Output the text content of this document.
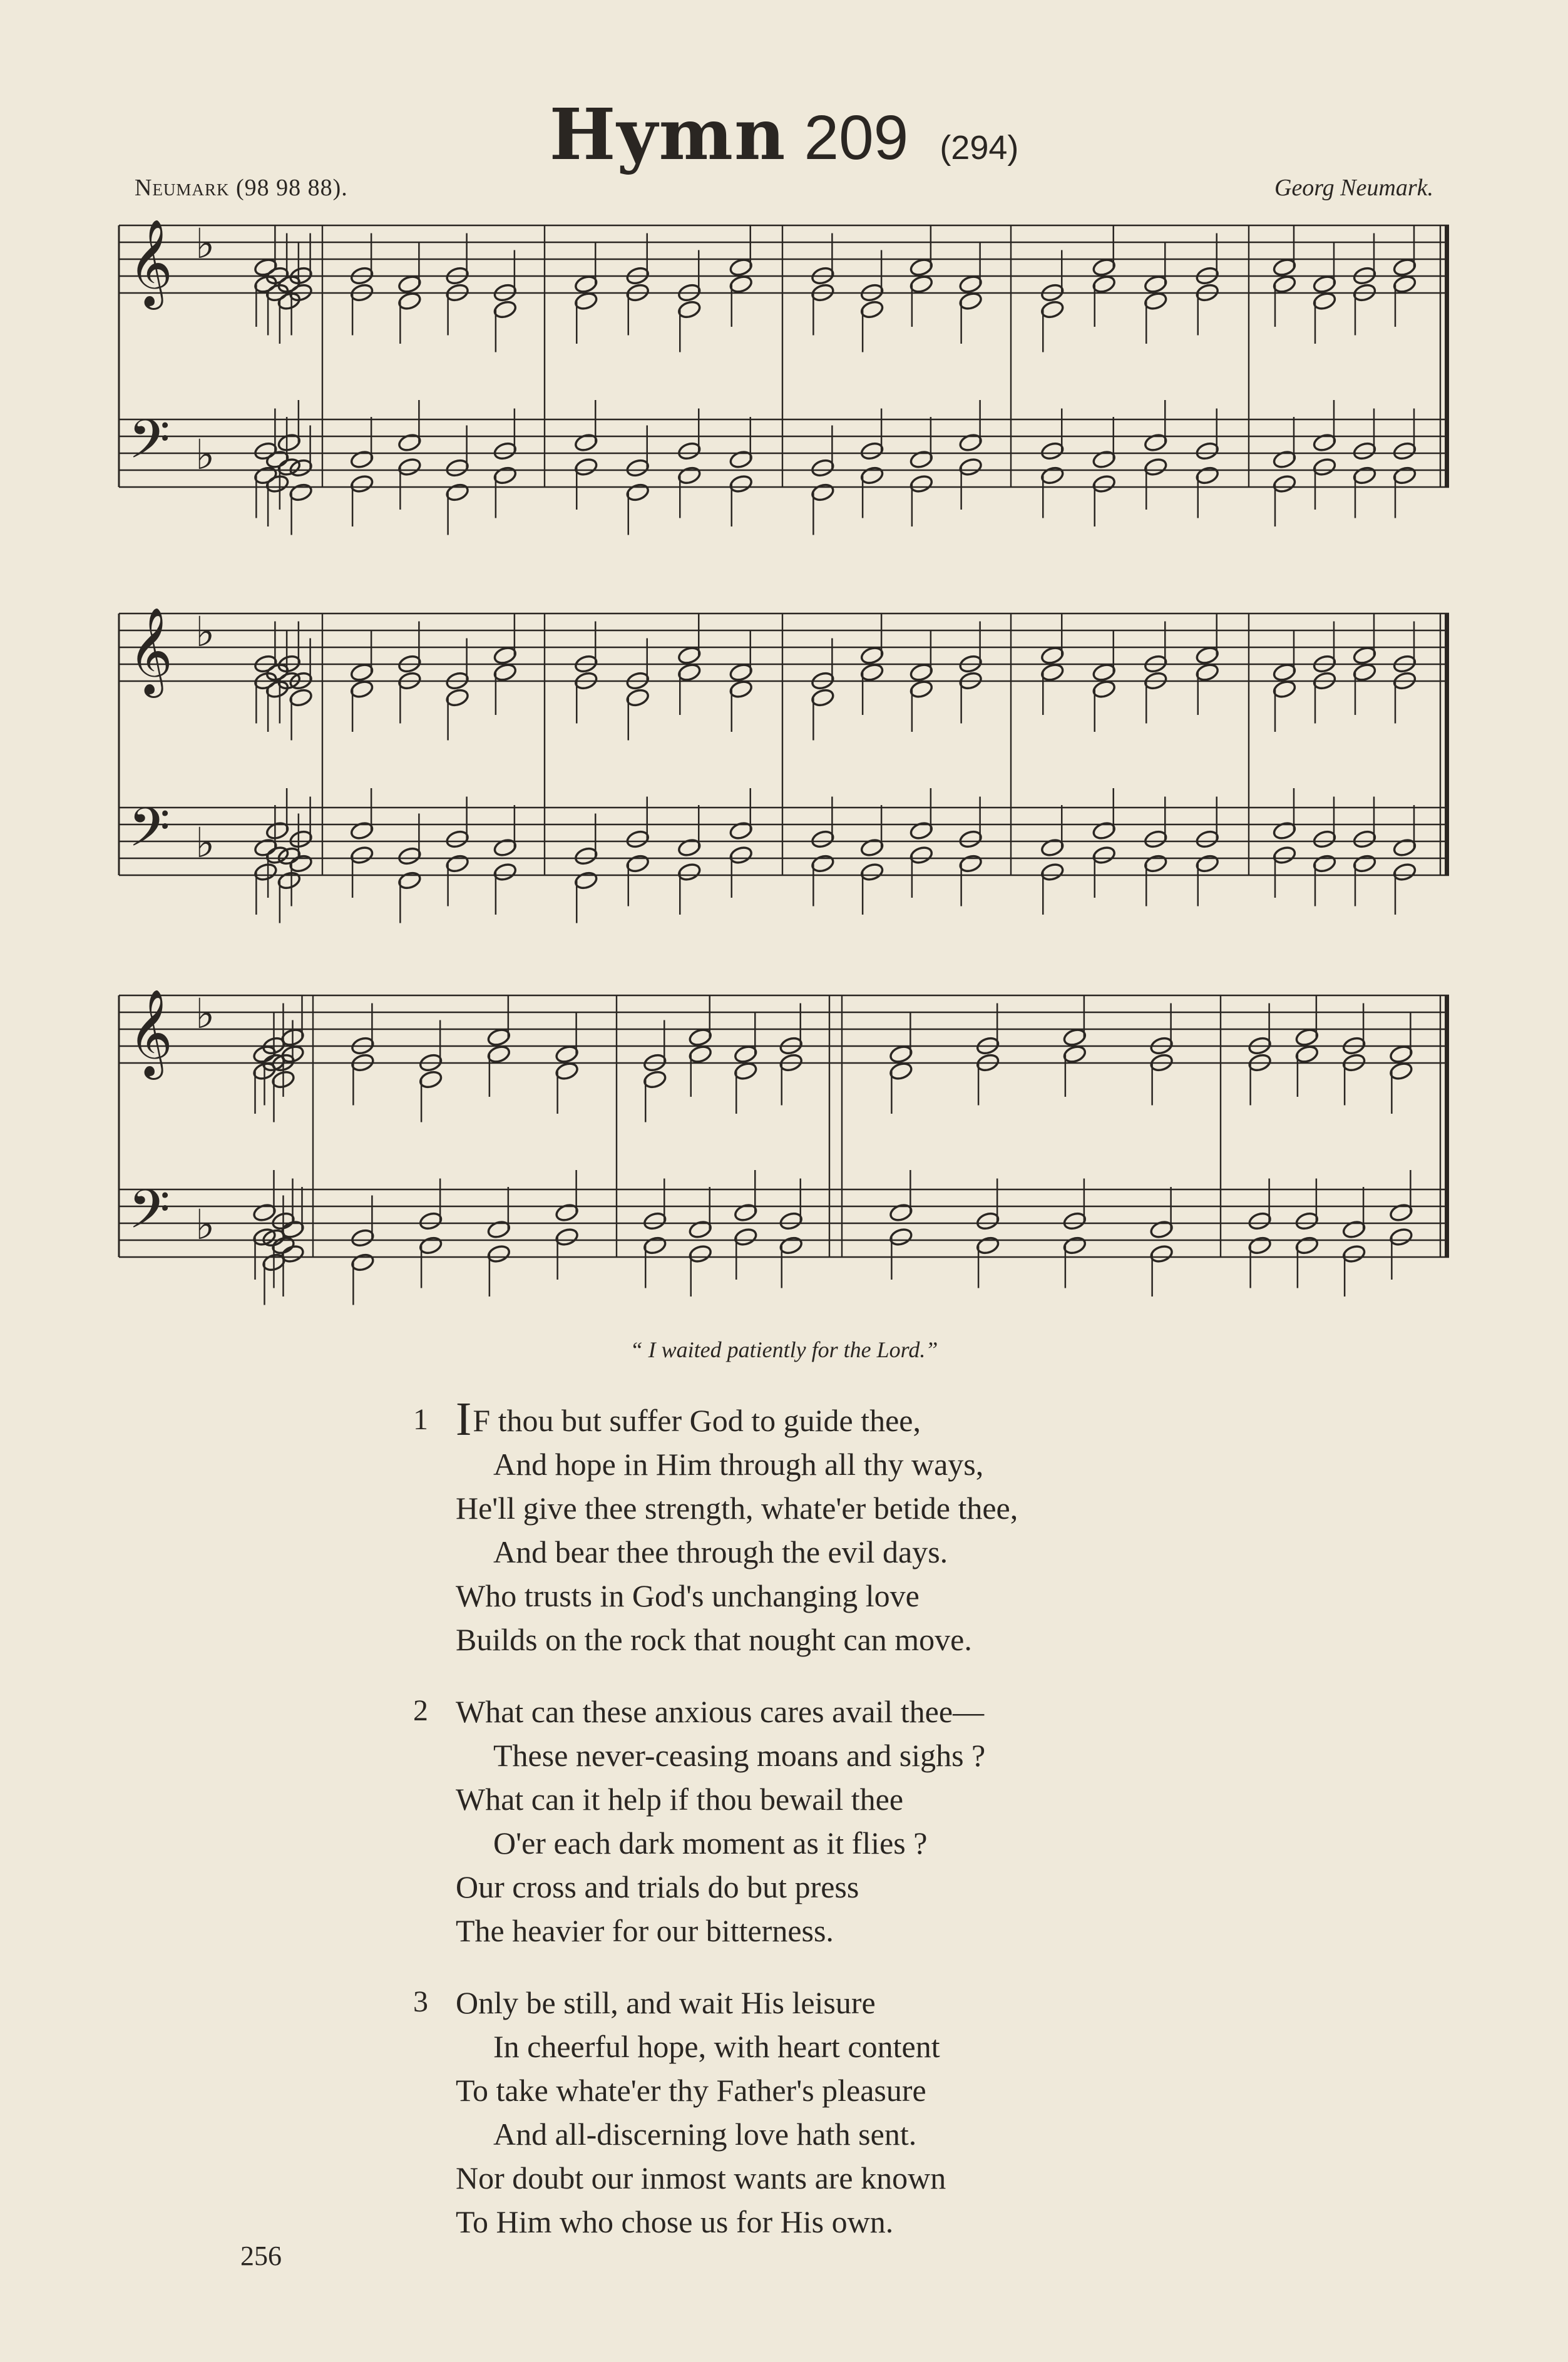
Hymn 209 (294)
Neumark (98 98 88).	Georg Neumark.
𝄞
𝄢
♭
♭
𝄞
𝄢
♭
♭
𝄞
𝄢
♭
♭
“ I waited patiently for the Lord.”
1 IF thou but suffer God to guide thee,
And hope in Him through all thy ways,
He'll give thee strength, whate'er betide thee,
And bear thee through the evil days.
Who trusts in God's unchanging love
Builds on the rock that nought can move.
2 What can these anxious cares avail thee—
These never-ceasing moans and sighs ?
What can it help if thou bewail thee
O'er each dark moment as it flies ?
Our cross and trials do but press
The heavier for our bitterness.
3 Only be still, and wait His leisure
In cheerful hope, with heart content
To take whate'er thy Father's pleasure
And all-discerning love hath sent.
Nor doubt our inmost wants are known
To Him who chose us for His own.
256
